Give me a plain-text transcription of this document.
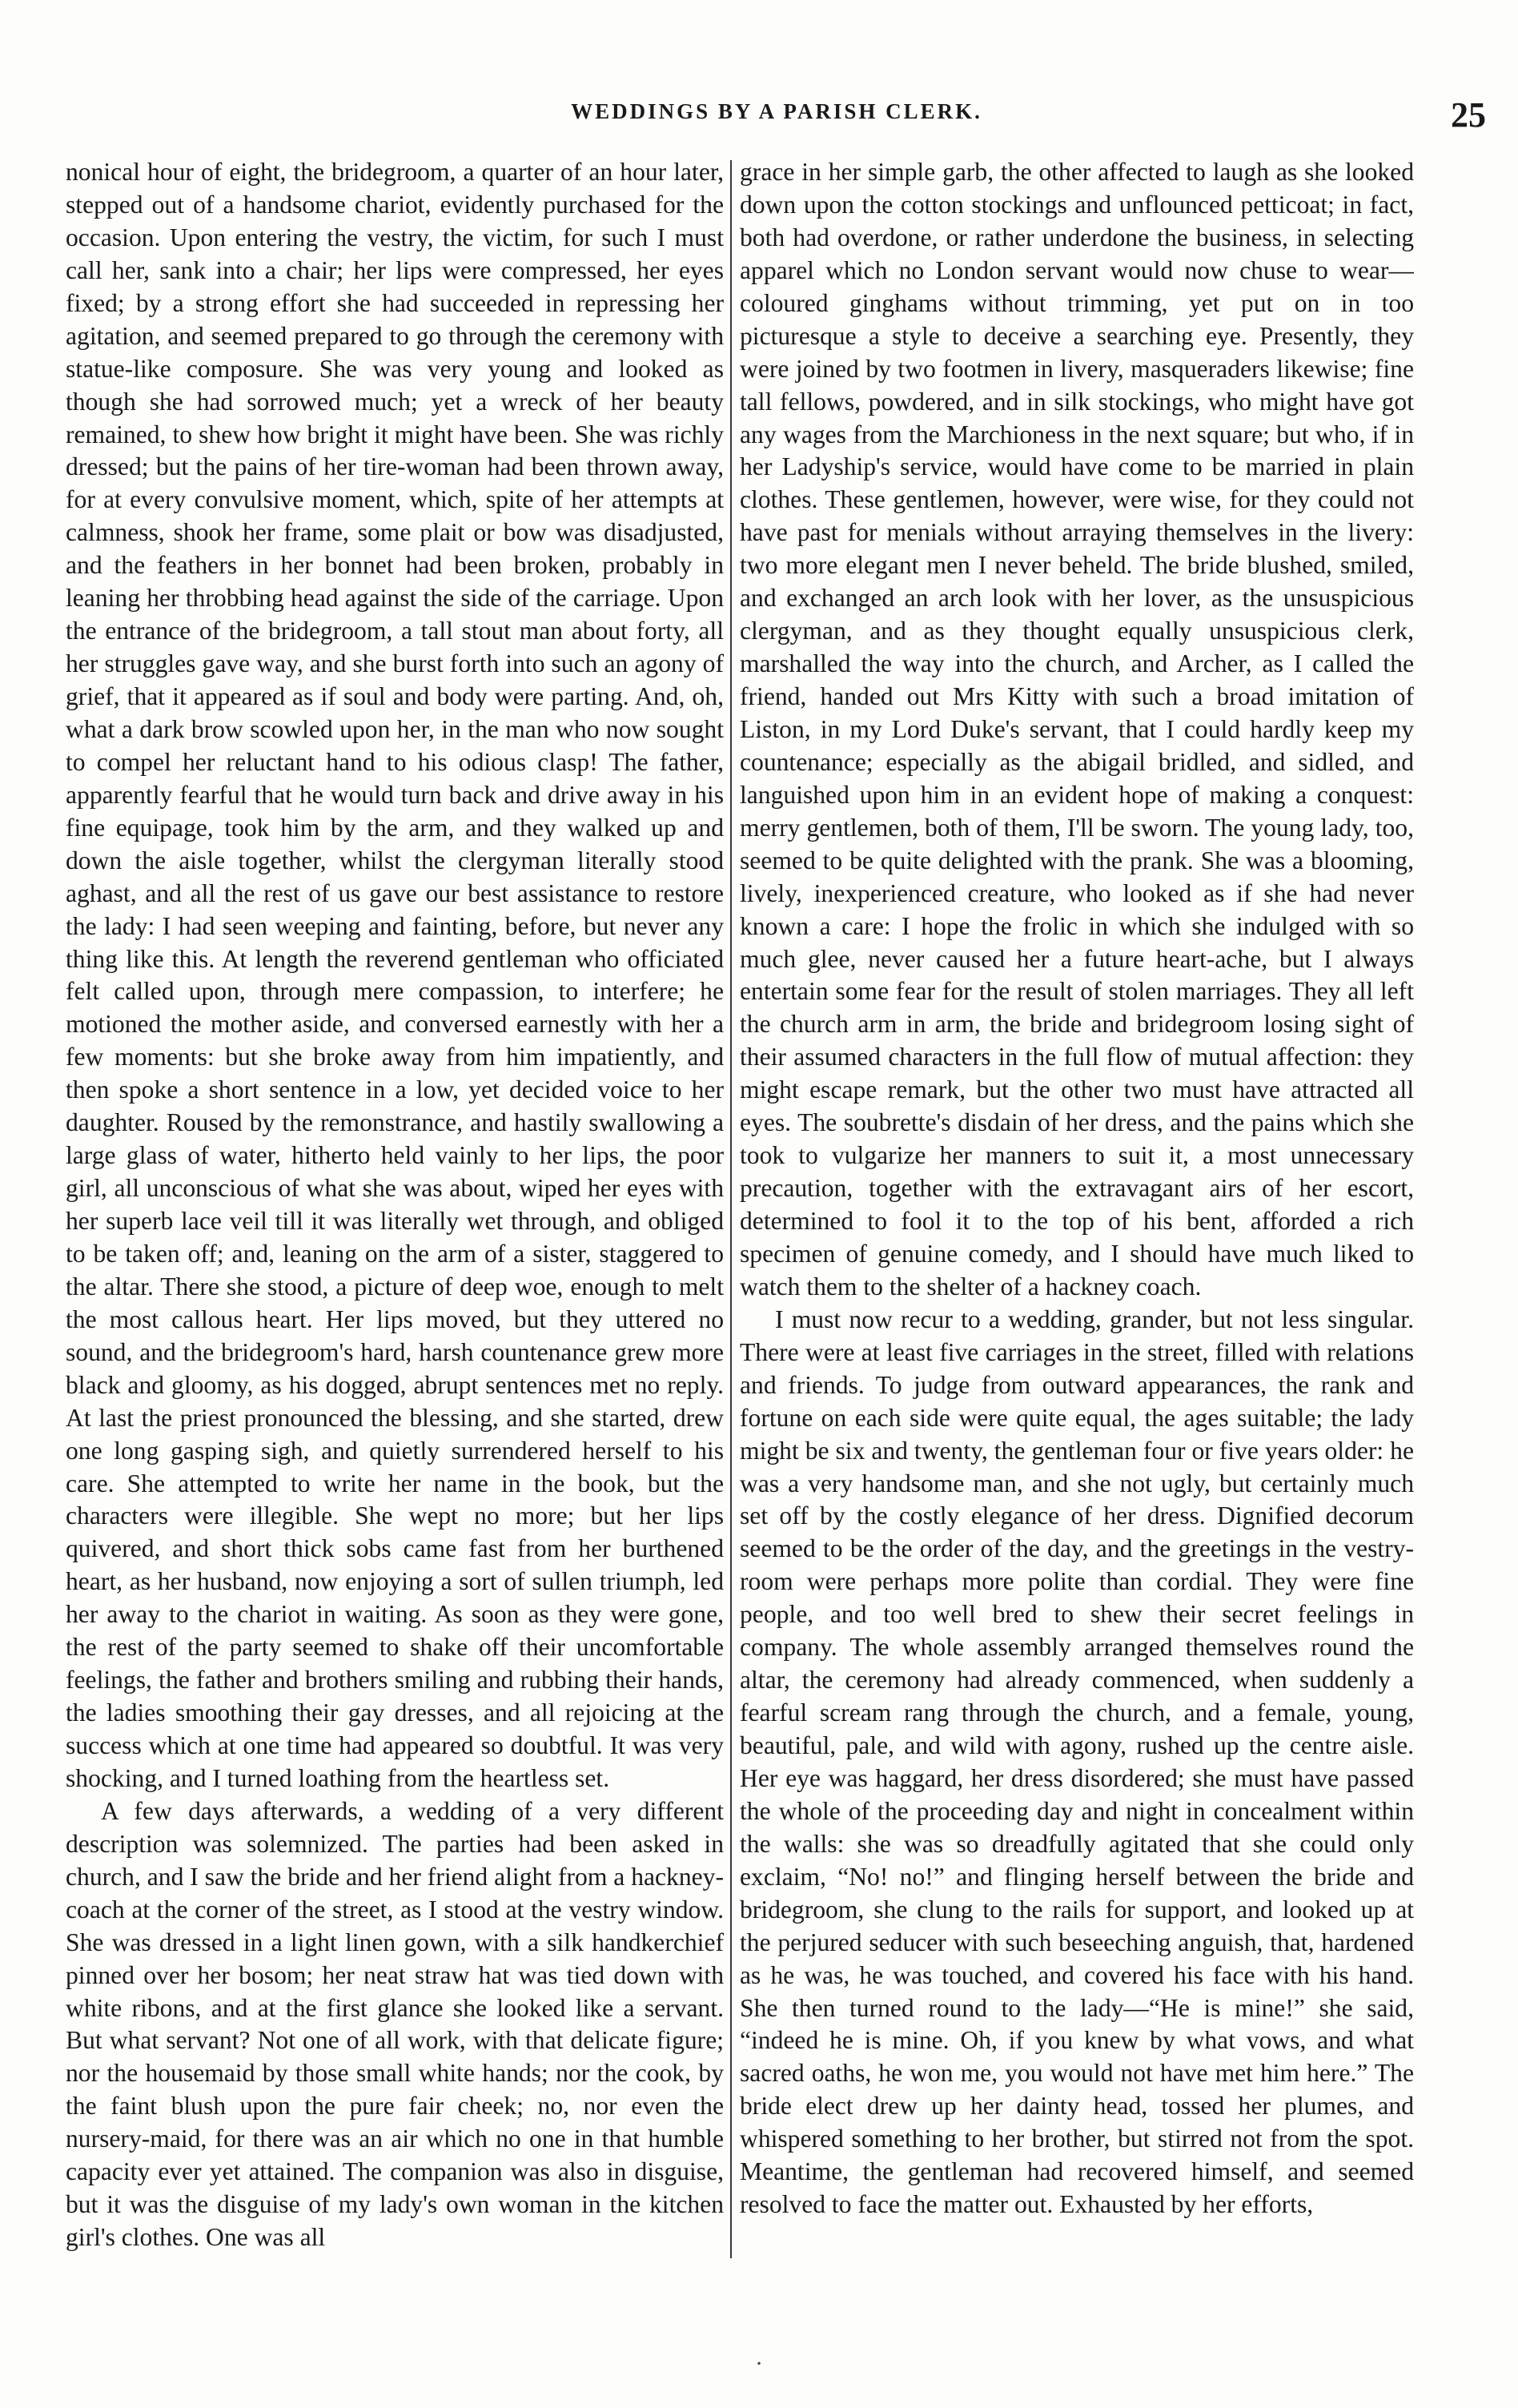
WEDDINGS BY A PARISH CLERK.	25

nonical hour of eight, the bridegroom, a quarter of an hour later, stepped out of a handsome chariot, evidently purchased for the occasion. Upon entering the vestry, the victim, for such I must call her, sank into a chair; her lips were compressed, her eyes fixed; by a strong effort she had succeeded in repressing her agitation, and seemed prepared to go through the ceremony with statue-like composure. She was very young and looked as though she had sorrowed much; yet a wreck of her beauty remained, to shew how bright it might have been. She was richly dressed; but the pains of her tire-woman had been thrown away, for at every convulsive moment, which, spite of her attempts at calmness, shook her frame, some plait or bow was disadjusted, and the feathers in her bonnet had been broken, probably in leaning her throbbing head against the side of the carriage. Upon the entrance of the bridegroom, a tall stout man about forty, all her struggles gave way, and she burst forth into such an agony of grief, that it appeared as if soul and body were parting. And, oh, what a dark brow scowled upon her, in the man who now sought to compel her reluctant hand to his odious clasp! The father, apparently fearful that he would turn back and drive away in his fine equipage, took him by the arm, and they walked up and down the aisle together, whilst the clergyman literally stood aghast, and all the rest of us gave our best assistance to restore the lady: I had seen weeping and fainting, before, but never any thing like this. At length the reverend gentleman who officiated felt called upon, through mere compassion, to interfere; he motioned the mother aside, and conversed earnestly with her a few moments: but she broke away from him impatiently, and then spoke a short sentence in a low, yet decided voice to her daughter. Roused by the remonstrance, and hastily swallowing a large glass of water, hitherto held vainly to her lips, the poor girl, all unconscious of what she was about, wiped her eyes with her superb lace veil till it was literally wet through, and obliged to be taken off; and, leaning on the arm of a sister, staggered to the altar. There she stood, a picture of deep woe, enough to melt the most callous heart. Her lips moved, but they uttered no sound, and the bridegroom's hard, harsh countenance grew more black and gloomy, as his dogged, abrupt sentences met no reply. At last the priest pronounced the blessing, and she started, drew one long gasping sigh, and quietly surrendered herself to his care. She attempted to write her name in the book, but the characters were illegible. She wept no more; but her lips quivered, and short thick sobs came fast from her burthened heart, as her husband, now enjoying a sort of sullen triumph, led her away to the chariot in waiting. As soon as they were gone, the rest of the party seemed to shake off their uncomfortable feelings, the father and brothers smiling and rubbing their hands, the ladies smoothing their gay dresses, and all rejoicing at the success which at one time had appeared so doubtful. It was very shocking, and I turned loathing from the heartless set.

A few days afterwards, a wedding of a very different description was solemnized. The parties had been asked in church, and I saw the bride and her friend alight from a hackney-coach at the corner of the street, as I stood at the vestry window. She was dressed in a light linen gown, with a silk handkerchief pinned over her bosom; her neat straw hat was tied down with white ribons, and at the first glance she looked like a servant. But what servant? Not one of all work, with that delicate figure; nor the housemaid by those small white hands; nor the cook, by the faint blush upon the pure fair cheek; no, nor even the nursery-maid, for there was an air which no one in that humble capacity ever yet attained. The companion was also in disguise, but it was the disguise of my lady's own woman in the kitchen girl's clothes. One was all

grace in her simple garb, the other affected to laugh as she looked down upon the cotton stockings and unflounced petticoat; in fact, both had overdone, or rather underdone the business, in selecting apparel which no London servant would now chuse to wear—coloured ginghams without trimming, yet put on in too picturesque a style to deceive a searching eye. Presently, they were joined by two footmen in livery, masqueraders likewise; fine tall fellows, powdered, and in silk stockings, who might have got any wages from the Marchioness in the next square; but who, if in her Ladyship's service, would have come to be married in plain clothes. These gentlemen, however, were wise, for they could not have past for menials without arraying themselves in the livery: two more elegant men I never beheld. The bride blushed, smiled, and exchanged an arch look with her lover, as the unsuspicious clergyman, and as they thought equally unsuspicious clerk, marshalled the way into the church, and Archer, as I called the friend, handed out Mrs Kitty with such a broad imitation of Liston, in my Lord Duke's servant, that I could hardly keep my countenance; especially as the abigail bridled, and sidled, and languished upon him in an evident hope of making a conquest: merry gentlemen, both of them, I'll be sworn. The young lady, too, seemed to be quite delighted with the prank. She was a blooming, lively, inexperienced creature, who looked as if she had never known a care: I hope the frolic in which she indulged with so much glee, never caused her a future heart-ache, but I always entertain some fear for the result of stolen marriages. They all left the church arm in arm, the bride and bridegroom losing sight of their assumed characters in the full flow of mutual affection: they might escape remark, but the other two must have attracted all eyes. The soubrette's disdain of her dress, and the pains which she took to vulgarize her manners to suit it, a most unnecessary precaution, together with the extravagant airs of her escort, determined to fool it to the top of his bent, afforded a rich specimen of genuine comedy, and I should have much liked to watch them to the shelter of a hackney coach.

I must now recur to a wedding, grander, but not less singular. There were at least five carriages in the street, filled with relations and friends. To judge from outward appearances, the rank and fortune on each side were quite equal, the ages suitable; the lady might be six and twenty, the gentleman four or five years older: he was a very handsome man, and she not ugly, but certainly much set off by the costly elegance of her dress. Dignified decorum seemed to be the order of the day, and the greetings in the vestry-room were perhaps more polite than cordial. They were fine people, and too well bred to shew their secret feelings in company. The whole assembly arranged themselves round the altar, the ceremony had already commenced, when suddenly a fearful scream rang through the church, and a female, young, beautiful, pale, and wild with agony, rushed up the centre aisle. Her eye was haggard, her dress disordered; she must have passed the whole of the proceeding day and night in concealment within the walls: she was so dreadfully agitated that she could only exclaim, “No! no!” and flinging herself between the bride and bridegroom, she clung to the rails for support, and looked up at the perjured seducer with such beseeching anguish, that, hardened as he was, he was touched, and covered his face with his hand. She then turned round to the lady—“He is mine!” she said, “indeed he is mine. Oh, if you knew by what vows, and what sacred oaths, he won me, you would not have met him here.” The bride elect drew up her dainty head, tossed her plumes, and whispered something to her brother, but stirred not from the spot. Meantime, the gentleman had recovered himself, and seemed resolved to face the matter out. Exhausted by her efforts,

·
